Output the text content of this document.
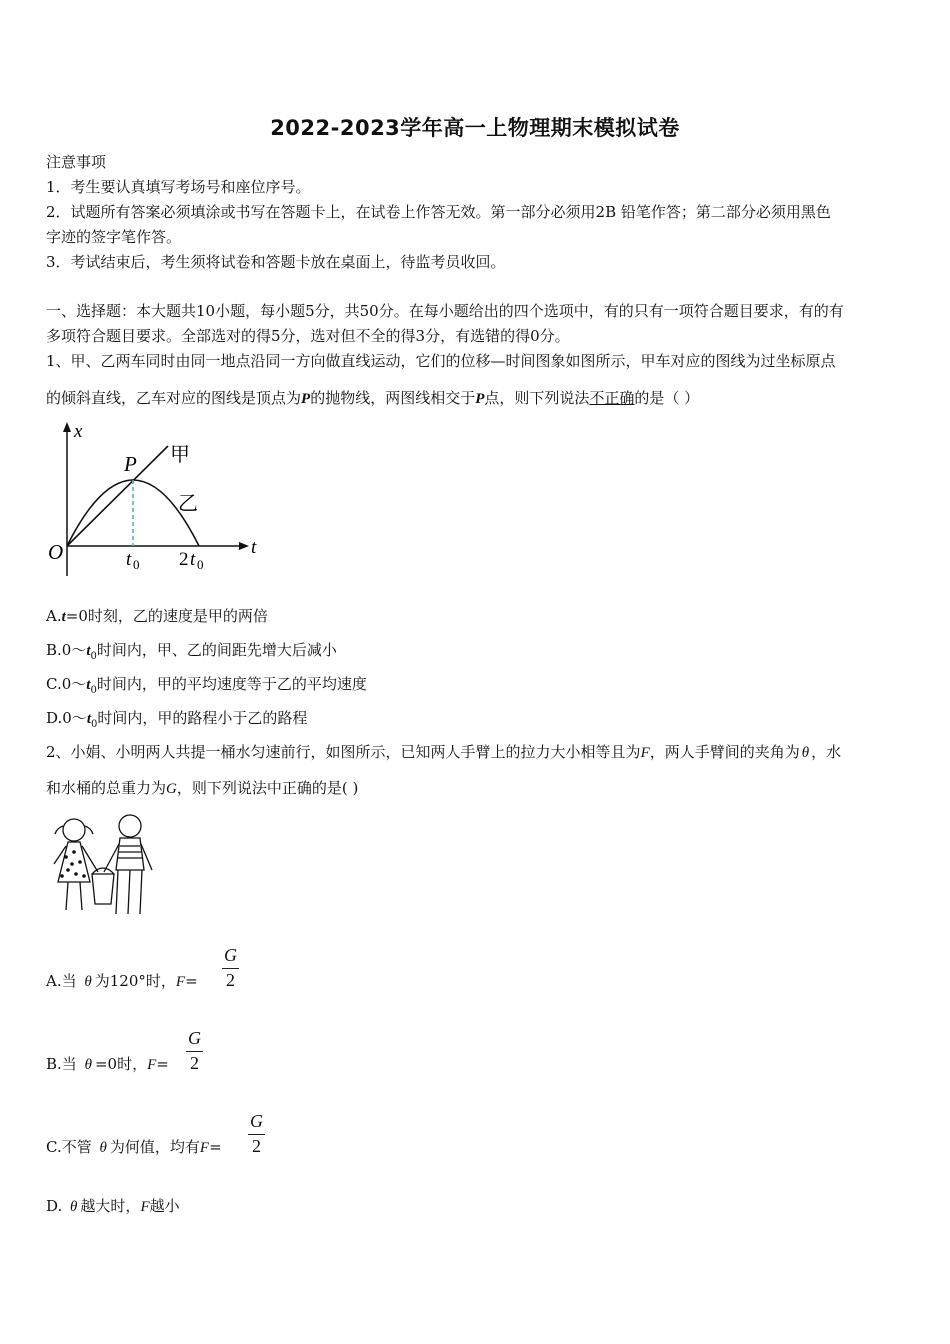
2022-2023学年高一上物理期末模拟试卷
注意事项
1．考生要认真填写考场号和座位序号。
2．试题所有答案必须填涂或书写在答题卡上，在试卷上作答无效。第一部分必须用2B 铅笔作答；第二部分必须用黑色
字迹的签字笔作答。
3．考试结束后，考生须将试卷和答题卡放在桌面上，待监考员收回。
一、选择题：本大题共10小题，每小题5分，共50分。在每小题给出的四个选项中，有的只有一项符合题目要求，有的有
多项符合题目要求。全部选对的得5分，选对但不全的得3分，有选错的得0分。
1、甲、乙两车同时由同一地点沿同一方向做直线运动，它们的位移—时间图象如图所示，甲车对应的图线为过坐标原点
的倾斜直线，乙车对应的图线是顶点为P的抛物线，两图线相交于P点，则下列说法不正确的是（ ）
x
t
O
P 甲
乙
t 0 2 t 0
A.t=0时刻，乙的速度是甲的两倍
$B.0\sim t_0$时间内，甲、乙的间距先增大后减小
$C.0\sim t_0$时间内，甲的平均速度等于乙的平均速度
$D.0\sim t_0$时间内，甲的路程小于乙的路程
2、小娟、小明两人共提一桶水匀速前行，如图所示，已知两人手臂上的拉力大小相等且为F，两人手臂间的夹角为 θ ，水
和水桶的总重力为G，则下列说法中正确的是( )
A.当 θ 为120°时，$F= \frac{G}{2}$
B.当 θ =0时，$F= \frac{G}{2}$
C.不管 θ 为何值，均有$F= \frac{G}{2}$
D. θ 越大时，F越小
